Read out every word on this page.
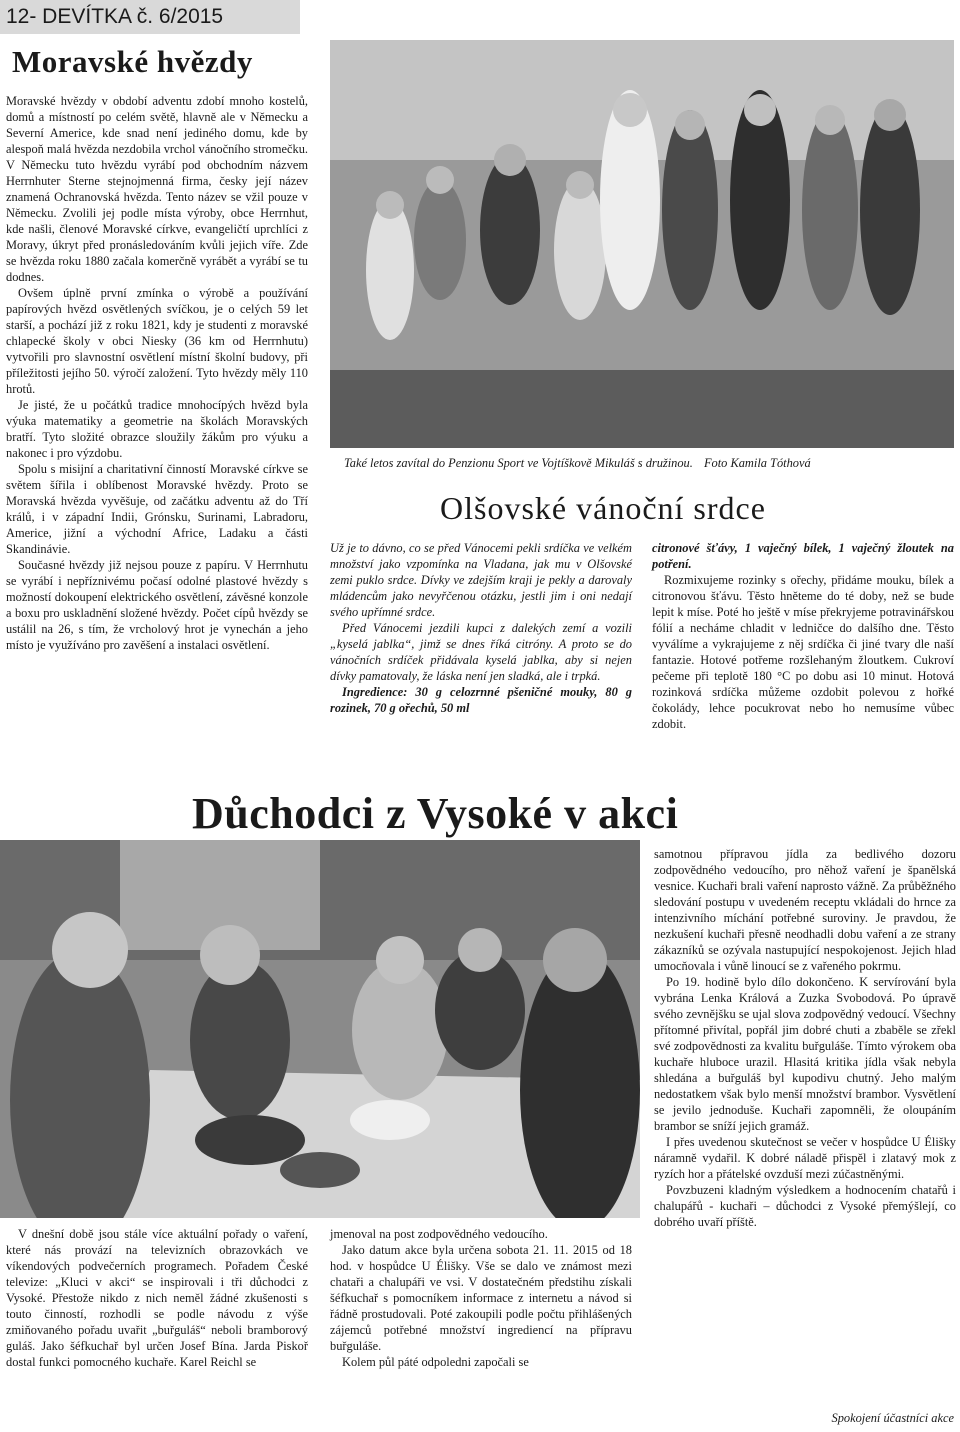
12- DEVÍTKA č. 6/2015
Moravské hvězdy

Moravské hvězdy v období adventu zdobí mnoho kostelů, domů a místností po celém světě, hlavně ale v Německu a Severní Americe, kde snad není jediného domu, kde by alespoň malá hvězda nezdobila vrchol vánočního stromečku. V Německu tuto hvězdu vyrábí pod obchodním názvem Herrnhuter Sterne stejnojmenná firma, česky její název znamená Ochranovská hvězda. Tento název se vžil pouze v Německu. Zvolili jej podle místa výroby, obce Herrnhut, kde našli, členové Moravské církve, evangeličtí uprchlíci z Moravy, úkryt před pronásledováním kvůli jejich víře. Zde se hvězda roku 1880 začala komerčně vyrábět a vyrábí se tu dodnes.

Ovšem úplně první zmínka o výrobě a používání papírových hvězd osvětlených svíčkou, je o celých 59 let starší, a pochází již z roku 1821, kdy je studenti z moravské chlapecké školy v obci Niesky (36 km od Herrnhutu) vytvořili pro slavnostní osvětlení místní školní budovy, při příležitosti jejího 50. výročí založení. Tyto hvězdy měly 110 hrotů.

Je jisté, že u počátků tradice mnohocípých hvězd byla výuka matematiky a geometrie na školách Moravských bratří. Tyto složité obrazce sloužily žákům pro výuku a nakonec i pro výzdobu.

Spolu s misijní a charitativní činností Moravské církve se světem šířila i oblíbenost Moravské hvězdy. Proto se Moravská hvězda vyvěšuje, od začátku adventu až do Tří králů, i v západní Indii, Grónsku, Surinami, Labradoru, Americe, jižní a východní Africe, Ladaku a části Skandinávie.

Současné hvězdy již nejsou pouze z papíru. V Herrnhutu se vyrábí i nepříznivému počasí odolné plastové hvězdy s možností dokoupení elektrického osvětlení, závěsné konzole a boxu pro uskladnění složené hvězdy. Počet cípů hvězdy se ustálil na 26, s tím, že vrcholový hrot je vynechán a jeho místo je využíváno pro zavěšení a instalaci osvětlení.

Také letos zavítal do Penzionu Sport ve Vojtíškově Mikuláš s družinou. Foto Kamila Tóthová
Olšovské vánoční srdce

Už je to dávno, co se před Vánocemi pekli srdíčka ve velkém množství jako vzpomínka na Vladana, jak mu v Olšovské zemi puklo srdce. Dívky ve zdejším kraji je pekly a darovaly mládencům jako nevyřčenou otázku, jestli jim i oni nedají svého upřímné srdce.

Před Vánocemi jezdili kupci z dalekých zemí a vozili „kyselá jablka“, jimž se dnes říká citróny. A proto se do vánočních srdíček přidávala kyselá jablka, aby si nejen dívky pamatovaly, že láska není jen sladká, ale i trpká.

Ingredience: 30 g celozrnné pšeničné mouky, 80 g rozinek, 70 g ořechů, 50 ml

citronové šťávy, 1 vaječný bílek, 1 vaječný žloutek na potření.

Rozmixujeme rozinky s ořechy, přidáme mouku, bílek a citronovou šťávu. Těsto hněteme do té doby, než se bude lepit k míse. Poté ho ještě v míse překryjeme potravinářskou fólií a necháme chladit v ledničce do dalšího dne. Těsto vyválíme a vykrajujeme z něj srdíčka či jiné tvary dle naší fantazie. Hotové potřeme rozšlehaným žloutkem. Cukroví pečeme při teplotě 180 °C po dobu asi 10 minut. Hotová rozinková srdíčka můžeme ozdobit polevou z hořké čokolády, lehce pocukrovat nebo ho nemusíme vůbec zdobit.

Důchodci z Vysoké v akci

V dnešní době jsou stále více aktuální pořady o vaření, které nás provází na televizních obrazovkách ve víkendových podvečerních programech. Pořadem České televize: „Kluci v akci“ se inspirovali i tři důchodci z Vysoké. Přestože nikdo z nich neměl žádné zkušenosti s touto činností, rozhodli se podle návodu z výše zmiňovaného pořadu uvařit „buřguláš“ neboli bramborový guláš. Jako šéfkuchař byl určen Josef Bína. Jarda Piskoř dostal funkci pomocného kuchaře. Karel Reichl se

jmenoval na post zodpovědného vedoucího.

Jako datum akce byla určena sobota 21. 11. 2015 od 18 hod. v hospůdce U Élišky. Vše se dalo ve známost mezi chataři a chalupáři ve vsi. V dostatečném předstihu získali šéfkuchař s pomocníkem informace z internetu a návod si řádně prostudovali. Poté zakoupili podle počtu přihlášených zájemců potřebné množství ingrediencí na přípravu buřguláše.

Kolem půl páté odpoledni započali se

samotnou přípravou jídla za bedlivého dozoru zodpovědného vedoucího, pro něhož vaření je španělská vesnice. Kuchaři brali vaření naprosto vážně. Za průběžného sledování postupu v uvedeném receptu vkládali do hrnce za intenzivního míchání potřebné suroviny. Je pravdou, že nezkušení kuchaři přesně neodhadli dobu vaření a ze strany zákazníků se ozývala nastupující nespokojenost. Jejich hlad umocňovala i vůně linoucí se z vařeného pokrmu.

Po 19. hodině bylo dílo dokončeno. K servírování byla vybrána Lenka Králová a Zuzka Svobodová. Po úpravě svého zevnějšku se ujal slova zodpovědný vedoucí. Všechny přítomné přivítal, popřál jim dobré chuti a zbaběle se zřekl své zodpovědnosti za kvalitu buřguláše. Tímto výrokem oba kuchaře hluboce urazil. Hlasitá kritika jídla však nebyla shledána a buřguláš byl kupodivu chutný. Jeho malým nedostatkem však bylo menší množství brambor. Vysvětlení se jevilo jednoduše. Kuchaři zapomněli, že oloupáním brambor se sníží jejich gramáž.

I přes uvedenou skutečnost se večer v hospůdce U Élišky náramně vydařil. K dobré náladě přispěl i zlatavý mok z ryzích hor a přátelské ovzduší mezi zúčastněnými.

Povzbuzeni kladným výsledkem a hodnocením chatařů i chalupářů - kuchaři – důchodci z Vysoké přemýšlejí, co dobrého uvaří příště.

Spokojení účastníci akce
